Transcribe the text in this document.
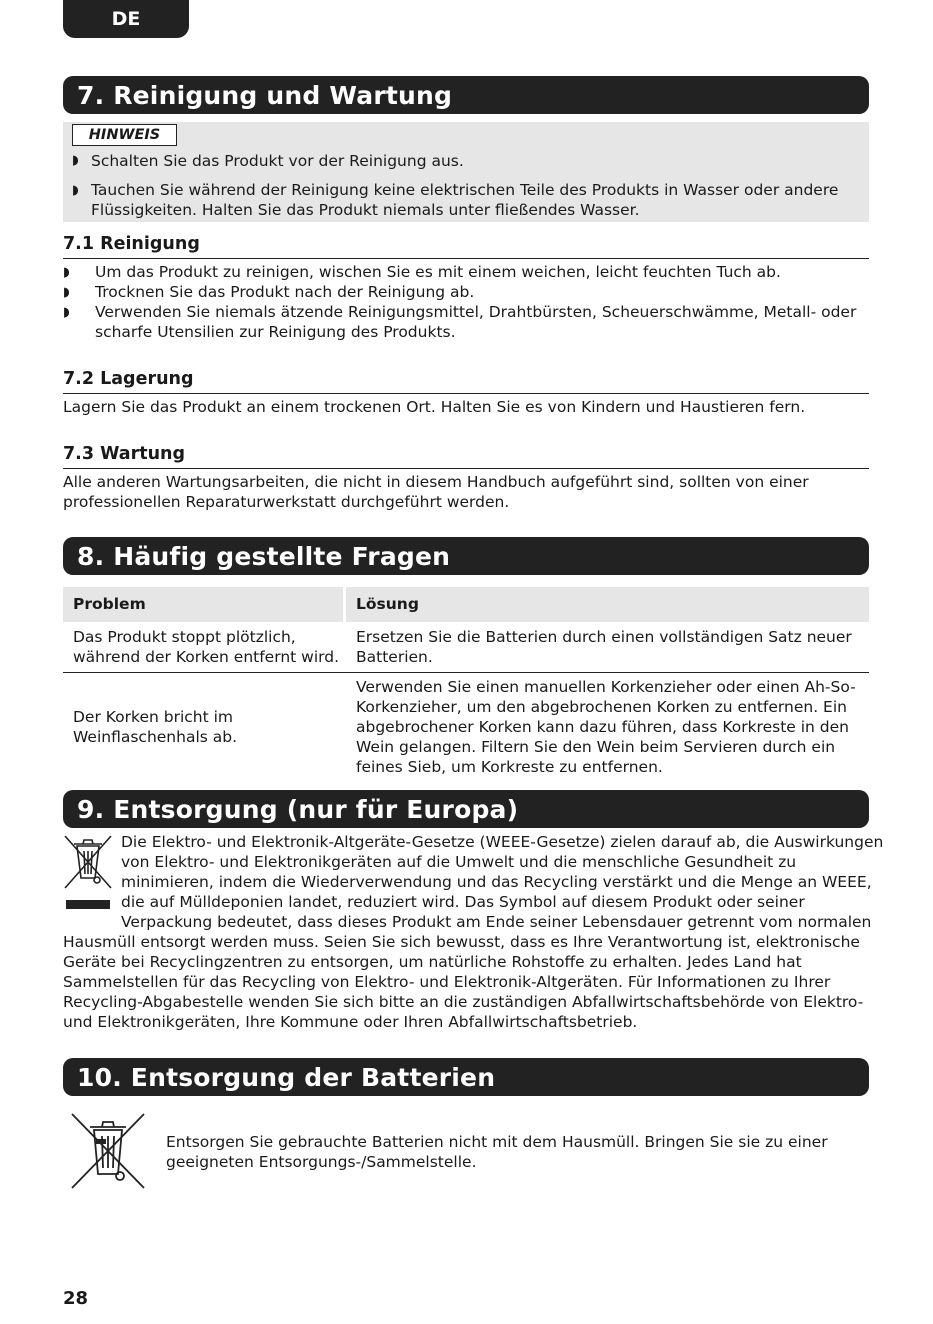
DE
7. Reinigung und Wartung
HINWEIS
◗ Schalten Sie das Produkt vor der Reinigung aus.
◗ Tauchen Sie während der Reinigung keine elektrischen Teile des Produkts in Wasser oder andere
Flüssigkeiten. Halten Sie das Produkt niemals unter fließendes Wasser.
7.1 Reinigung
◗ Um das Produkt zu reinigen, wischen Sie es mit einem weichen, leicht feuchten Tuch ab.
◗ Trocknen Sie das Produkt nach der Reinigung ab.
◗ Verwenden Sie niemals ätzende Reinigungsmittel, Drahtbürsten, Scheuerschwämme, Metall- oder
scharfe Utensilien zur Reinigung des Produkts.
7.2 Lagerung
Lagern Sie das Produkt an einem trockenen Ort. Halten Sie es von Kindern und Haustieren fern.
7.3 Wartung
Alle anderen Wartungsarbeiten, die nicht in diesem Handbuch aufgeführt sind, sollten von einer
professionellen Reparaturwerkstatt durchgeführt werden.
8. Häufig gestellte Fragen
Problem	Lösung
Das Produkt stoppt plötzlich,
während der Korken entfernt wird.
Ersetzen Sie die Batterien durch einen vollständigen Satz neuer
Batterien.
Der Korken bricht im
Weinflaschenhals ab.
Verwenden Sie einen manuellen Korkenzieher oder einen Ah-So-
Korkenzieher, um den abgebrochenen Korken zu entfernen. Ein
abgebrochener Korken kann dazu führen, dass Korkreste in den
Wein gelangen. Filtern Sie den Wein beim Servieren durch ein
feines Sieb, um Korkreste zu entfernen.
9. Entsorgung (nur für Europa)
Die Elektro- und Elektronik-Altgeräte-Gesetze (WEEE-Gesetze) zielen darauf ab, die Auswirkungen
von Elektro- und Elektronikgeräten auf die Umwelt und die menschliche Gesundheit zu
minimieren, indem die Wiederverwendung und das Recycling verstärkt und die Menge an WEEE,
die auf Mülldeponien landet, reduziert wird. Das Symbol auf diesem Produkt oder seiner
Verpackung bedeutet, dass dieses Produkt am Ende seiner Lebensdauer getrennt vom normalen
Hausmüll entsorgt werden muss. Seien Sie sich bewusst, dass es Ihre Verantwortung ist, elektronische
Geräte bei Recyclingzentren zu entsorgen, um natürliche Rohstoffe zu erhalten. Jedes Land hat
Sammelstellen für das Recycling von Elektro- und Elektronik-Altgeräten. Für Informationen zu Ihrer
Recycling-Abgabestelle wenden Sie sich bitte an die zuständigen Abfallwirtschaftsbehörde von Elektro-
und Elektronikgeräten, Ihre Kommune oder Ihren Abfallwirtschaftsbetrieb.
10. Entsorgung der Batterien
Entsorgen Sie gebrauchte Batterien nicht mit dem Hausmüll. Bringen Sie sie zu einer
geeigneten Entsorgungs-/Sammelstelle.
28
